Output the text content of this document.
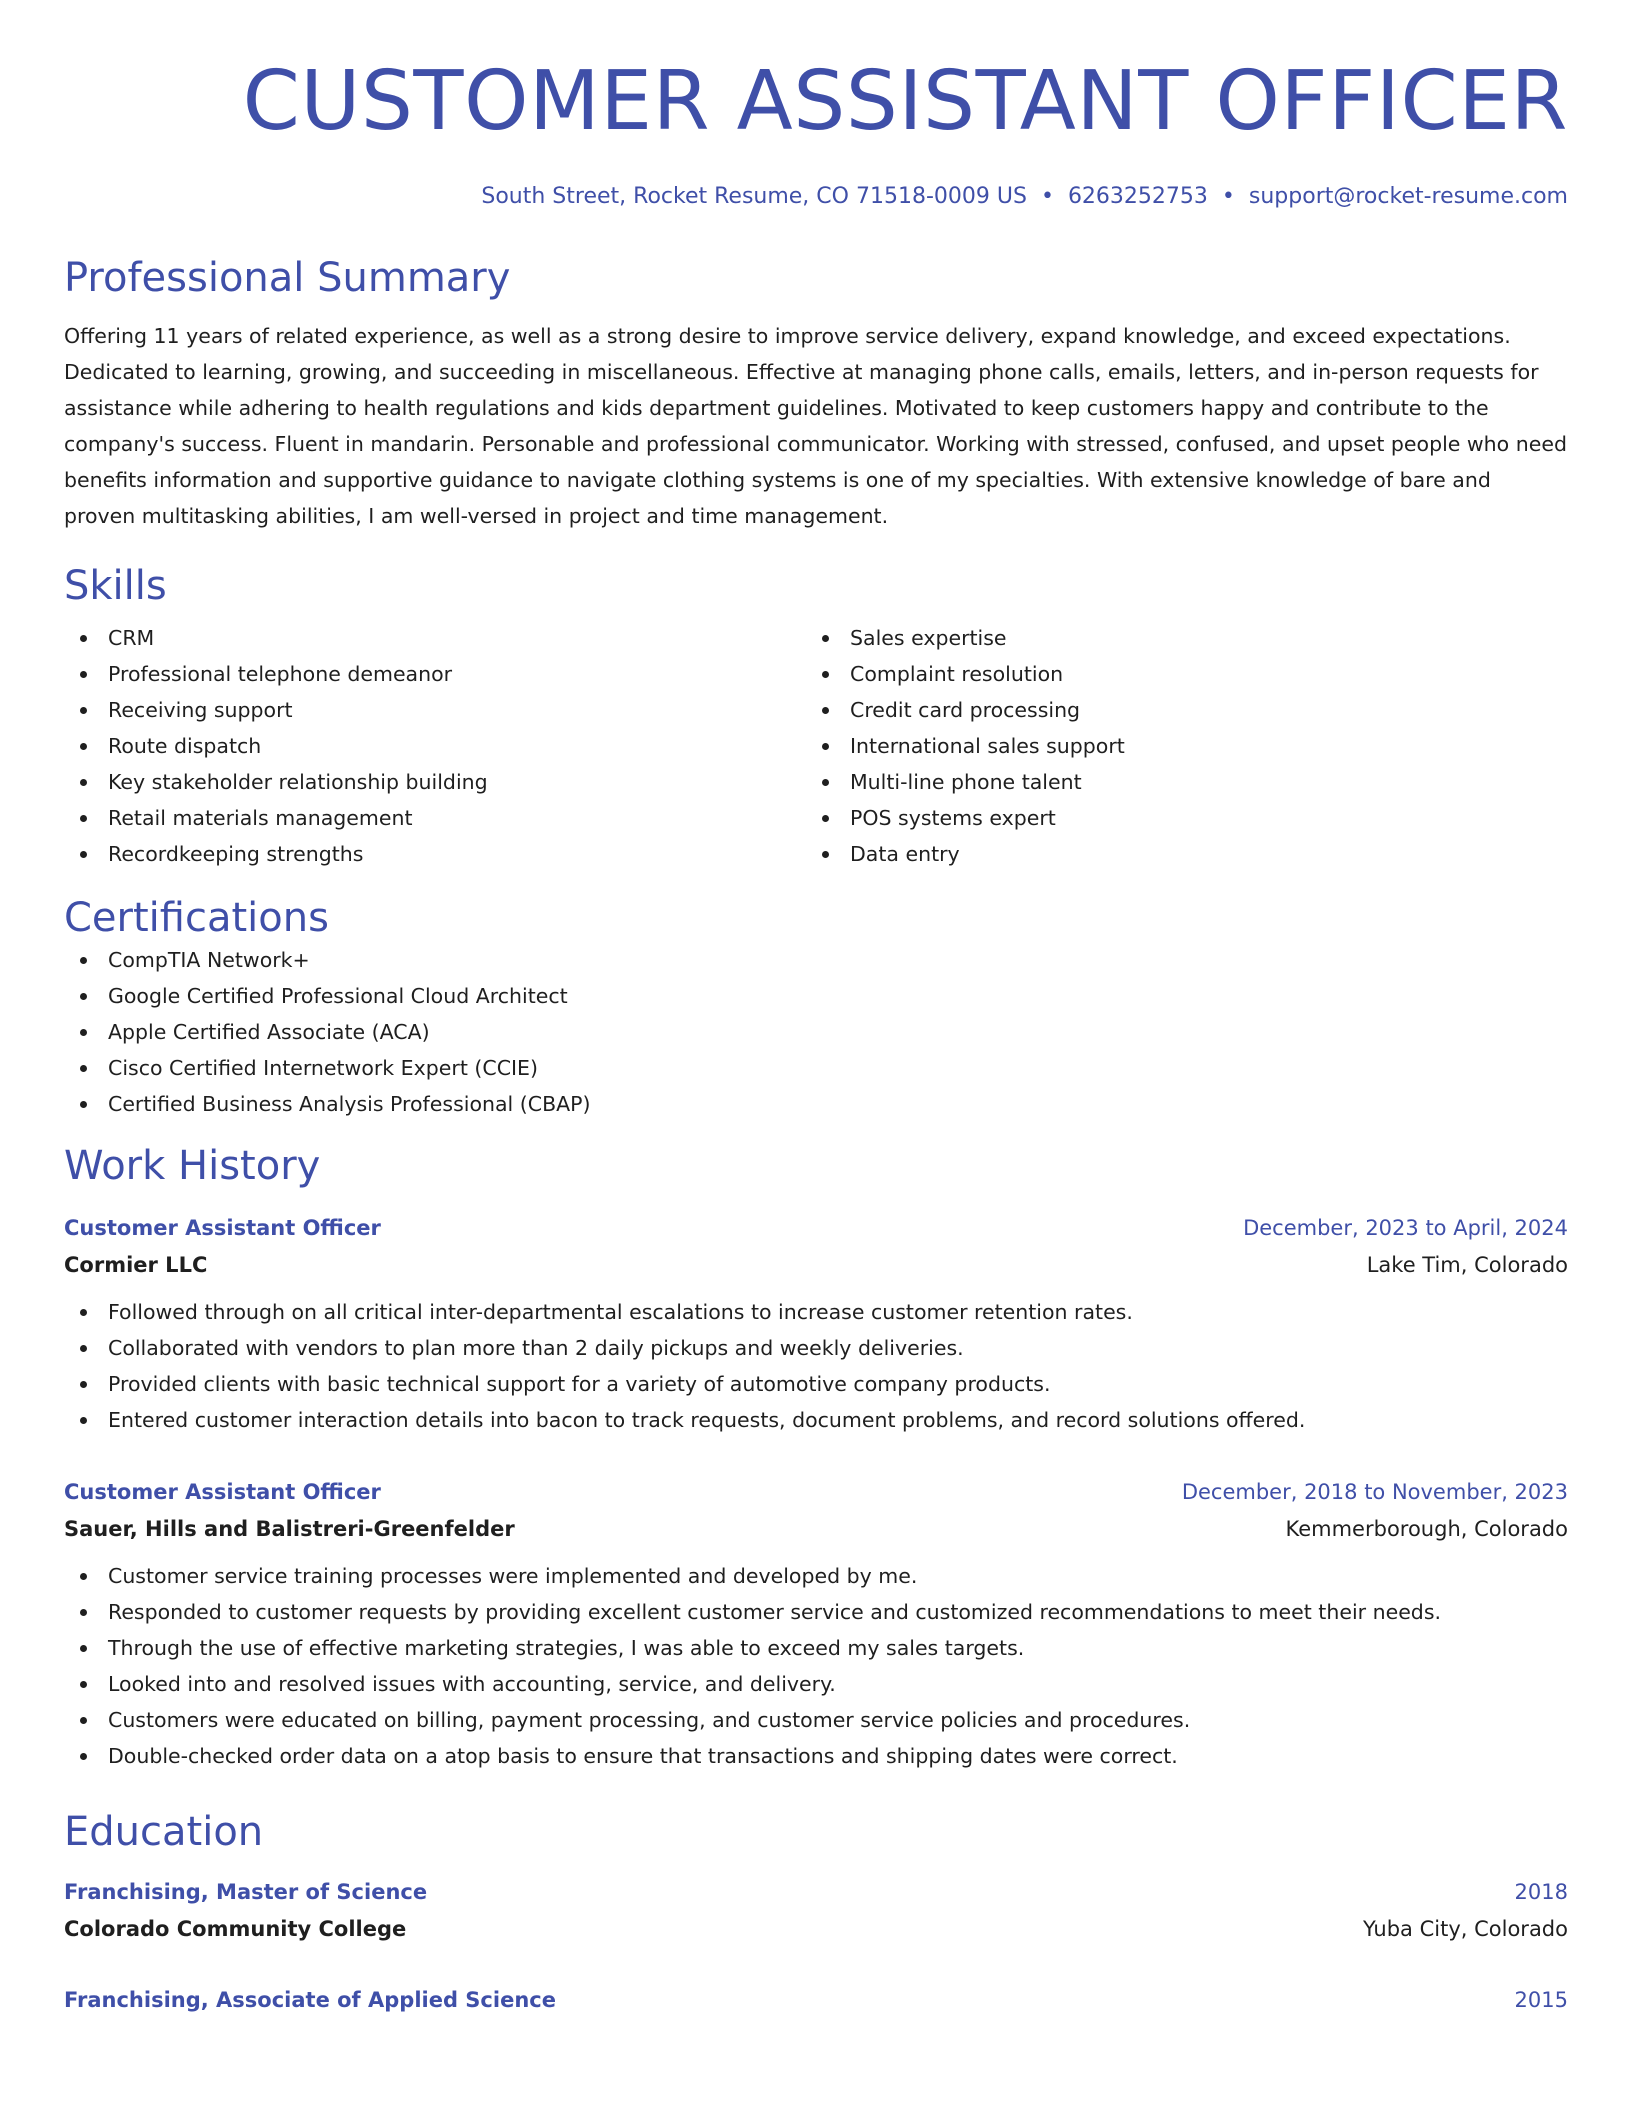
CUSTOMER ASSISTANT OFFICER
South Street, Rocket Resume, CO 71518-0009 US • 6263252753 • support@rocket-resume.com
Professional Summary
Offering 11 years of related experience, as well as a strong desire to improve service delivery, expand knowledge, and exceed expectations. Dedicated to learning, growing, and succeeding in miscellaneous. Effective at managing phone calls, emails, letters, and in-person requests for assistance while adhering to health regulations and kids department guidelines. Motivated to keep customers happy and contribute to the company's success. Fluent in mandarin. Personable and professional communicator. Working with stressed, confused, and upset people who need benefits information and supportive guidance to navigate clothing systems is one of my specialties. With extensive knowledge of bare and proven multitasking abilities, I am well-versed in project and time management.
Skills
CRM
Professional telephone demeanor
Receiving support
Route dispatch
Key stakeholder relationship building
Retail materials management
Recordkeeping strengths
Sales expertise
Complaint resolution
Credit card processing
International sales support
Multi-line phone talent
POS systems expert
Data entry
Certifications
CompTIA Network+
Google Certified Professional Cloud Architect
Apple Certified Associate (ACA)
Cisco Certified Internetwork Expert (CCIE)
Certified Business Analysis Professional (CBAP)
Work History
Customer Assistant Officer	December, 2023 to April, 2024
Cormier LLC	Lake Tim, Colorado
Followed through on all critical inter-departmental escalations to increase customer retention rates.
Collaborated with vendors to plan more than 2 daily pickups and weekly deliveries.
Provided clients with basic technical support for a variety of automotive company products.
Entered customer interaction details into bacon to track requests, document problems, and record solutions offered.
Customer Assistant Officer	December, 2018 to November, 2023
Sauer, Hills and Balistreri-Greenfelder	Kemmerborough, Colorado
Customer service training processes were implemented and developed by me.
Responded to customer requests by providing excellent customer service and customized recommendations to meet their needs.
Through the use of effective marketing strategies, I was able to exceed my sales targets.
Looked into and resolved issues with accounting, service, and delivery.
Customers were educated on billing, payment processing, and customer service policies and procedures.
Double-checked order data on a atop basis to ensure that transactions and shipping dates were correct.
Education
Franchising, Master of Science	2018
Colorado Community College	Yuba City, Colorado
Franchising, Associate of Applied Science	2015
